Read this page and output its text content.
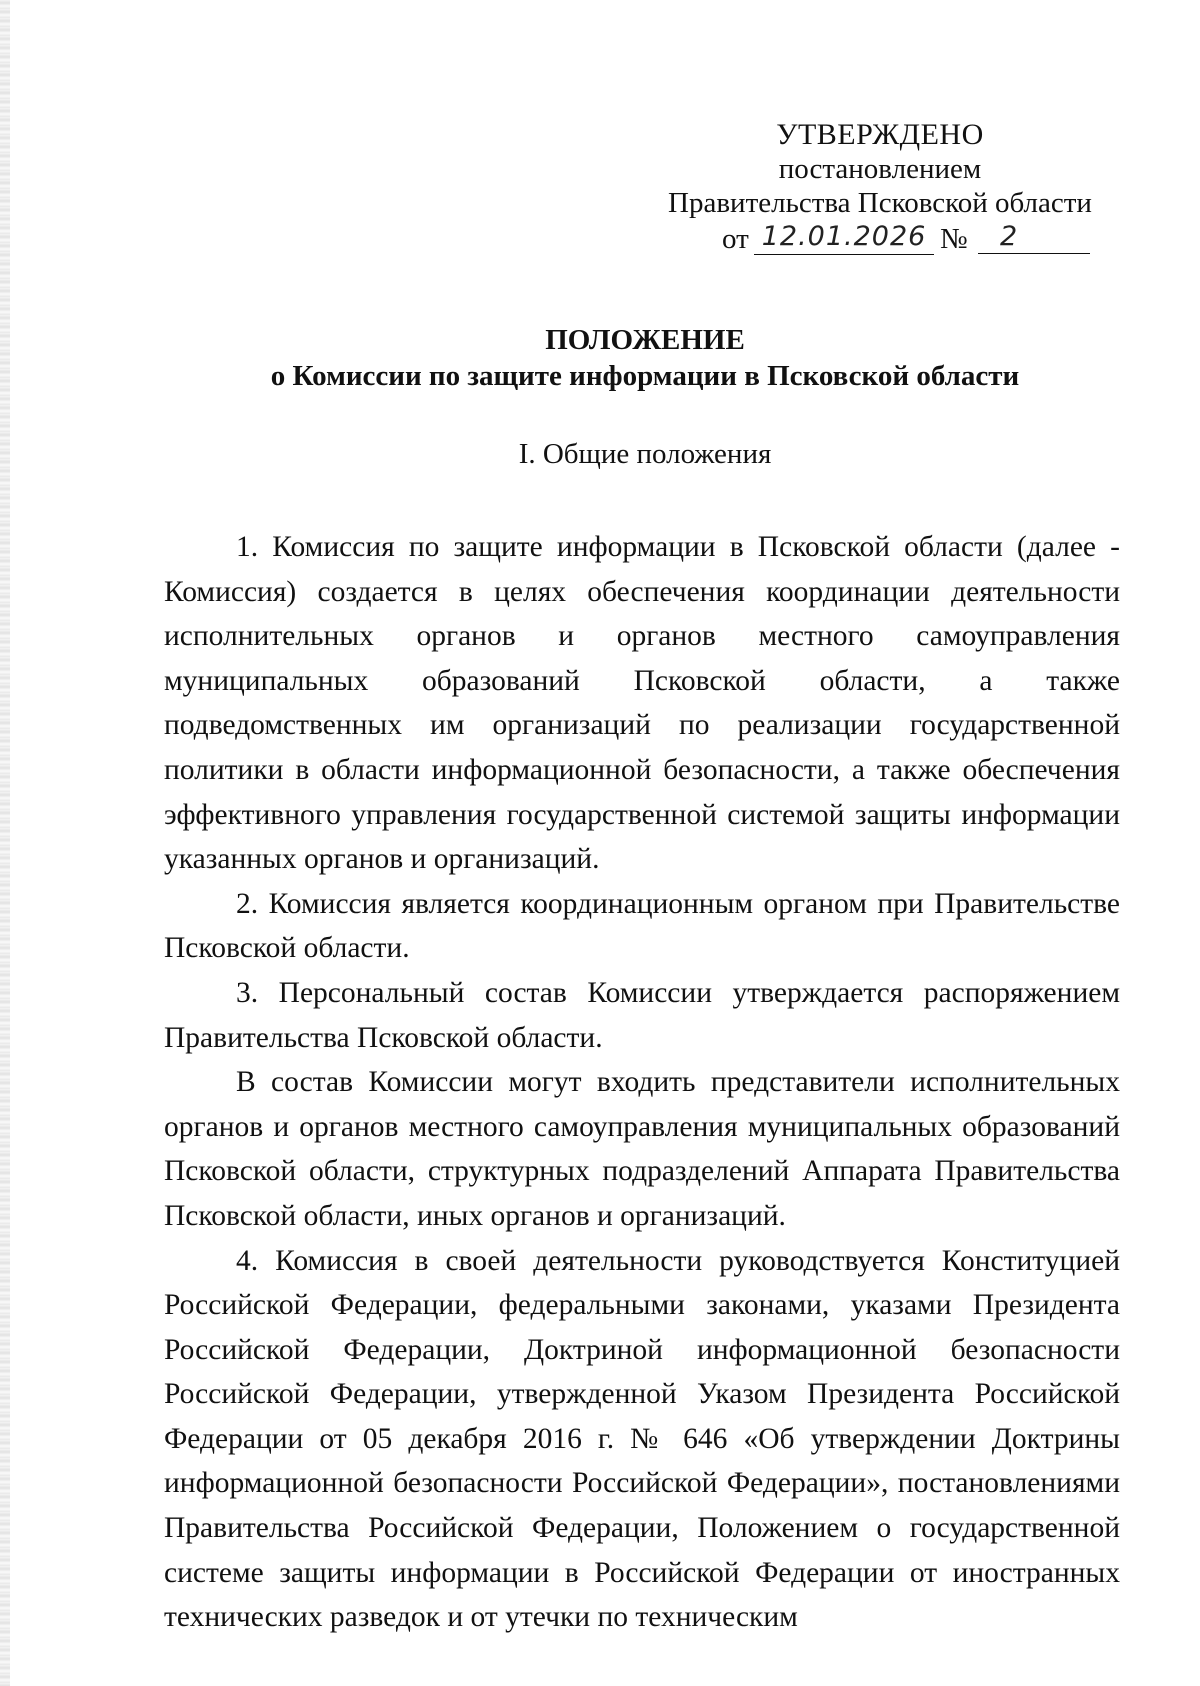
УТВЕРЖДЕНО
постановлением
Правительства Псковской области
от 12.01.2026 №	2
ПОЛОЖЕНИЕ
о Комиссии по защите информации в Псковской области
I. Общие положения

1. Комиссия по защите информации в Псковской области (далее - Комиссия) создается в целях обеспечения координации деятельности исполнительных органов и органов местного самоуправления муниципальных образований Псковской области, а также подведомственных им организаций по реализации государственной политики в области информационной безопасности, а также обеспечения эффективного управления государственной системой защиты информации указанных органов и организаций.

2. Комиссия является координационным органом при Правительстве Псковской области.

3. Персональный состав Комиссии утверждается распоряжением Правительства Псковской области.

В состав Комиссии могут входить представители исполнительных органов и органов местного самоуправления муниципальных образований Псковской области, структурных подразделений Аппарата Правительства Псковской области, иных органов и организаций.

4. Комиссия в своей деятельности руководствуется Конституцией Российской Федерации, федеральными законами, указами Президента Российской Федерации, Доктриной информационной безопасности Российской Федерации, утвержденной Указом Президента Российской Федерации от 05 декабря 2016 г. № 646 «Об утверждении Доктрины информационной безопасности Российской Федерации», постановлениями Правительства Российской Федерации, Положением о государственной системе защиты информации в Российской Федерации от иностранных технических разведок и от утечки по техническим
